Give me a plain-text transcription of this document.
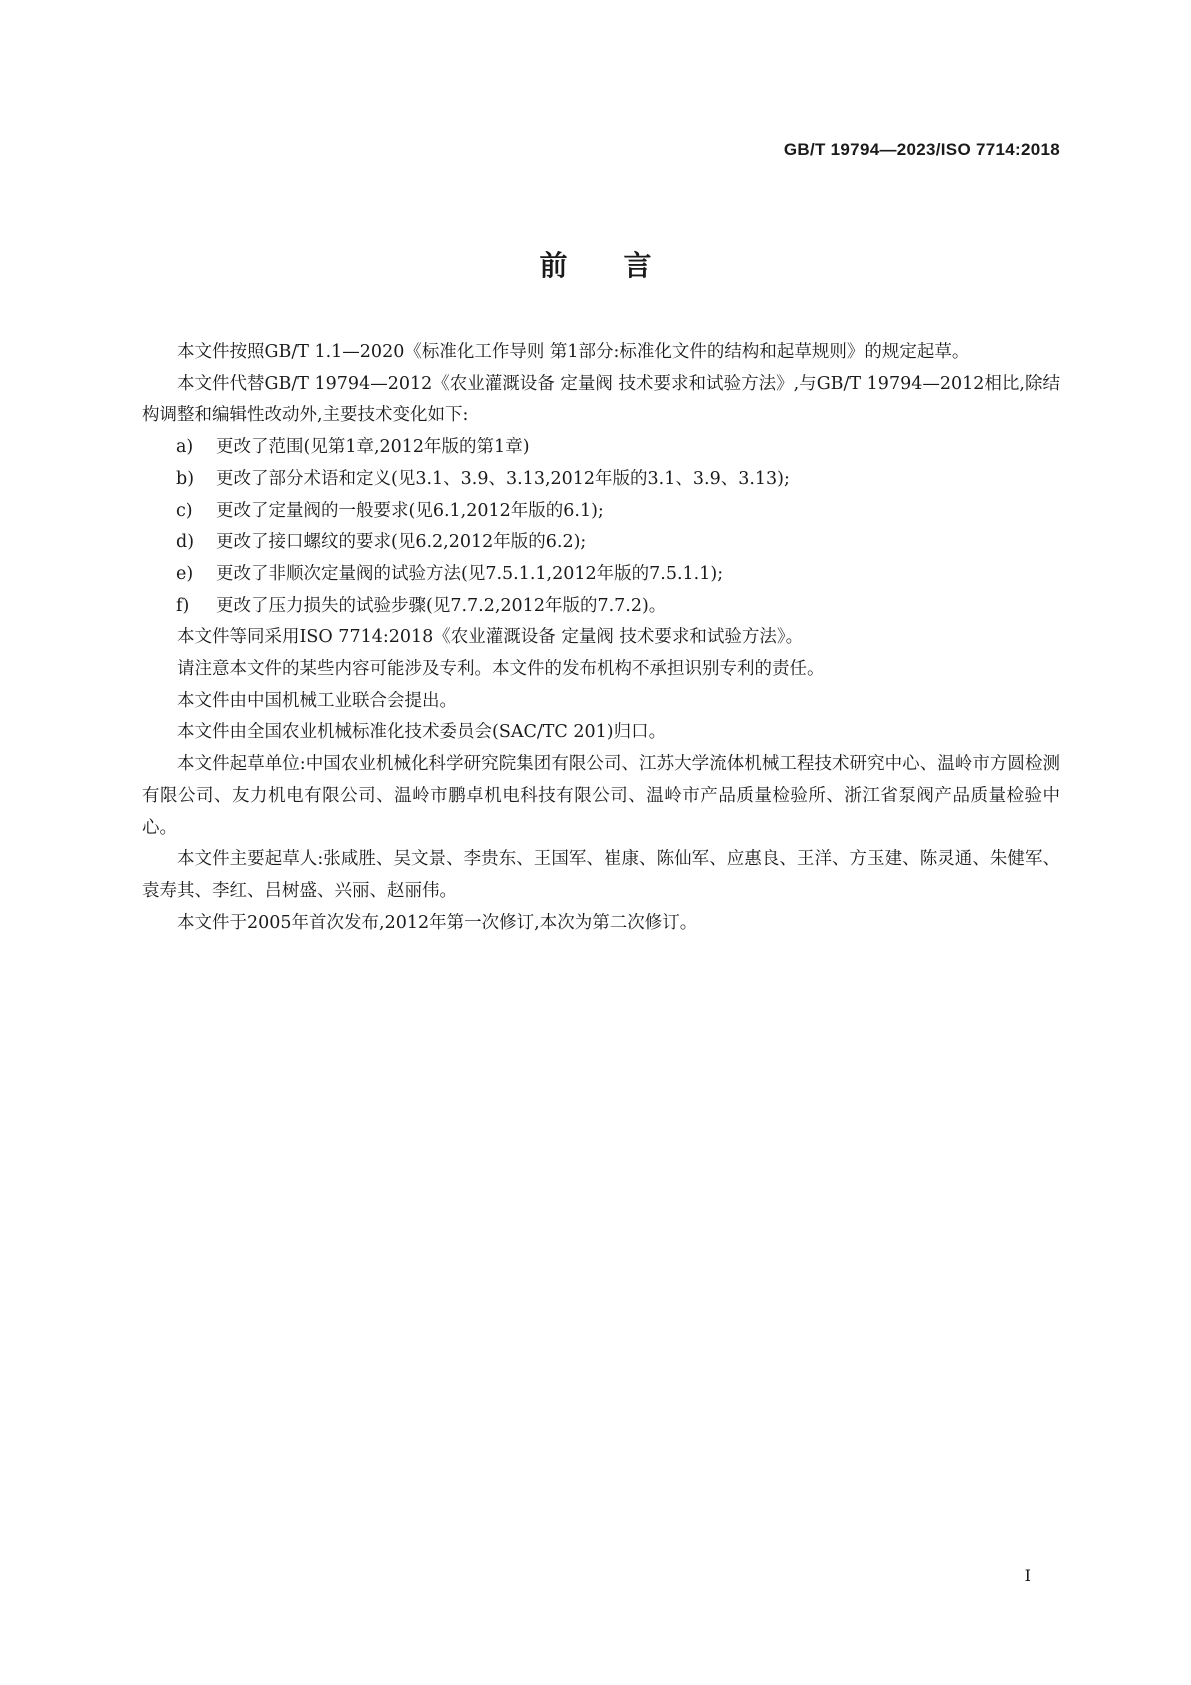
GB/T 19794—2023/ISO 7714:2018
前言

本文件按照GB/T 1.1—2020《标准化工作导则 第1部分:标准化文件的结构和起草规则》的规定起草。

本文件代替GB/T 19794—2012《农业灌溉设备 定量阀 技术要求和试验方法》,与GB/T 19794—2012相比,除结构调整和编辑性改动外,主要技术变化如下:

a) 更改了范围(见第1章,2012年版的第1章)

b) 更改了部分术语和定义(见3.1、3.9、3.13,2012年版的3.1、3.9、3.13);

c) 更改了定量阀的一般要求(见6.1,2012年版的6.1);

d) 更改了接口螺纹的要求(见6.2,2012年版的6.2);

e) 更改了非顺次定量阀的试验方法(见7.5.1.1,2012年版的7.5.1.1);

f) 更改了压力损失的试验步骤(见7.7.2,2012年版的7.7.2)。

本文件等同采用ISO 7714:2018《农业灌溉设备 定量阀 技术要求和试验方法》。

请注意本文件的某些内容可能涉及专利。本文件的发布机构不承担识别专利的责任。

本文件由中国机械工业联合会提出。

本文件由全国农业机械标准化技术委员会(SAC/TC 201)归口。

本文件起草单位:中国农业机械化科学研究院集团有限公司、江苏大学流体机械工程技术研究中心、温岭市方圆检测有限公司、友力机电有限公司、温岭市鹏卓机电科技有限公司、温岭市产品质量检验所、浙江省泵阀产品质量检验中心。

本文件主要起草人:张咸胜、吴文景、李贵东、王国军、崔康、陈仙军、应惠良、王洋、方玉建、陈灵通、朱健军、袁寿其、李红、吕树盛、兴丽、赵丽伟。

本文件于2005年首次发布,2012年第一次修订,本次为第二次修订。

I
